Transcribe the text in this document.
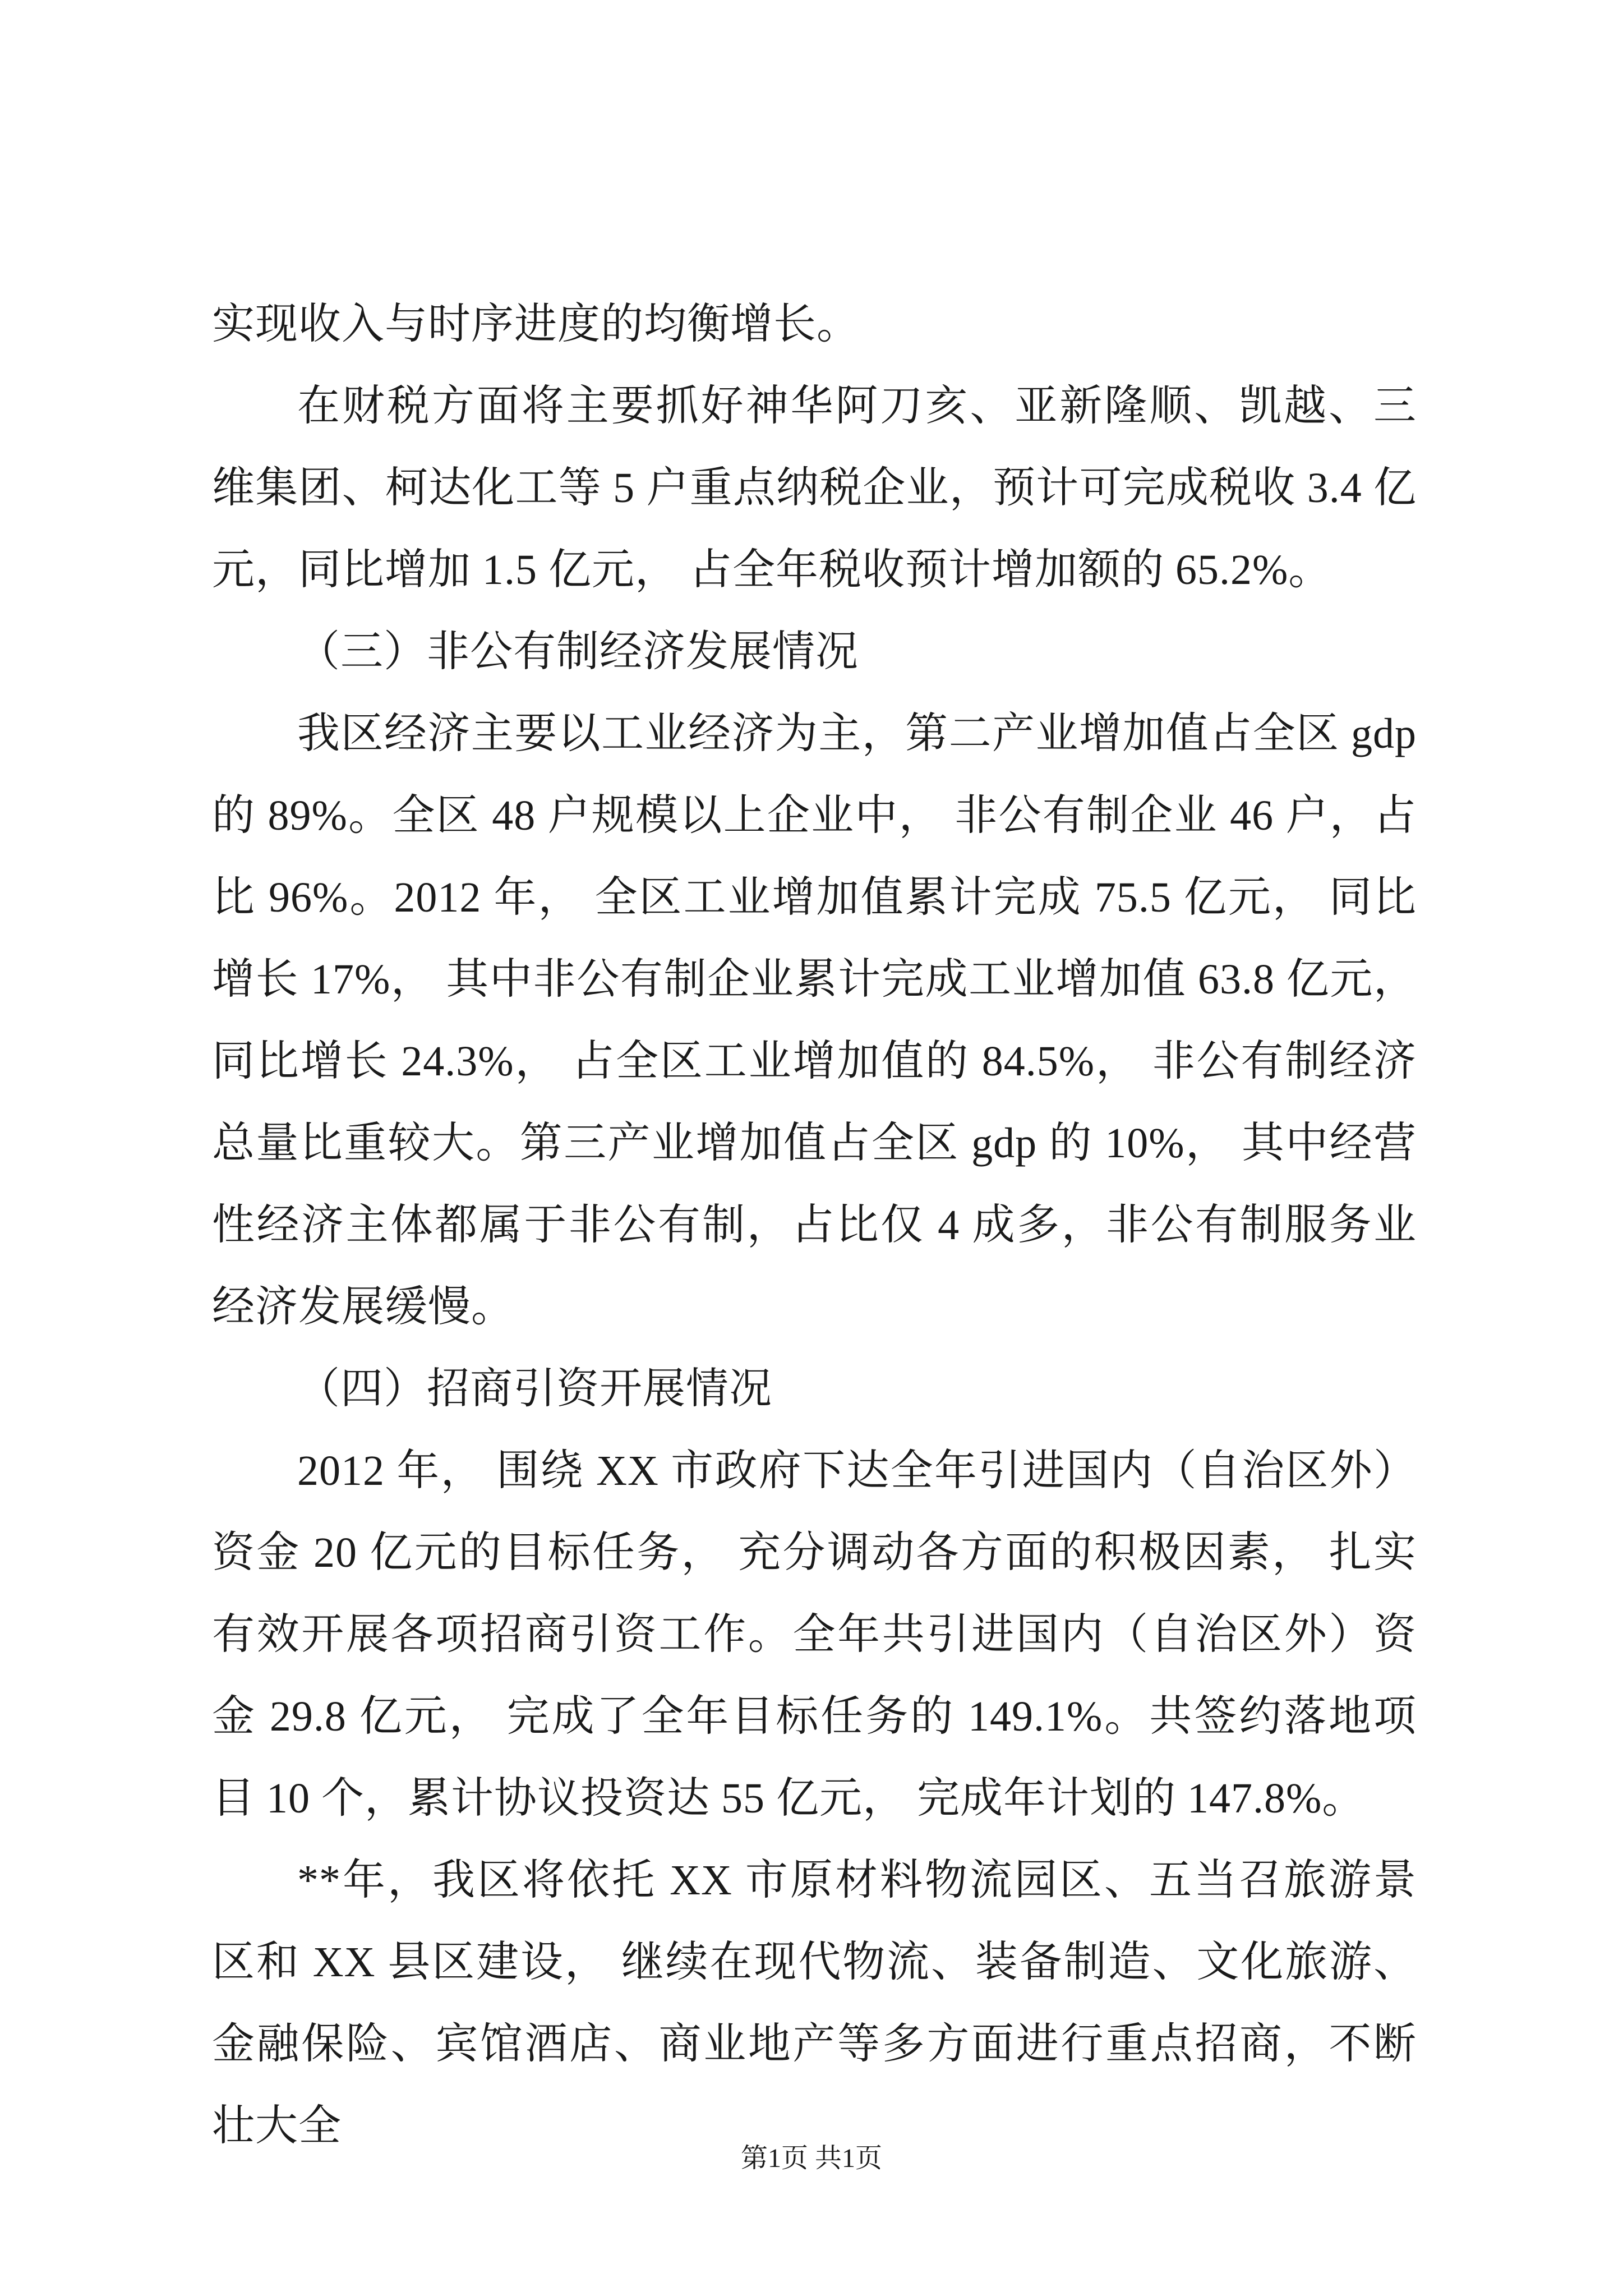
实现收入与时序进度的均衡增长。

在财税方面将主要抓好神华阿刀亥、亚新隆顺、凯越、三维集团、柯达化工等 5 户重点纳税企业，预计可完成税收 3.4 亿元，同比增加 1.5 亿元， 占全年税收预计增加额的 65.2%。

（三）非公有制经济发展情况

我区经济主要以工业经济为主，第二产业增加值占全区 gdp 的 89%。全区 48 户规模以上企业中， 非公有制企业 46 户，占比 96%。2012 年， 全区工业增加值累计完成 75.5 亿元， 同比增长 17%， 其中非公有制企业累计完成工业增加值 63.8 亿元，同比增长 24.3%， 占全区工业增加值的 84.5%， 非公有制经济总量比重较大。第三产业增加值占全区 gdp 的 10%， 其中经营性经济主体都属于非公有制，占比仅 4 成多，非公有制服务业经济发展缓慢。

（四）招商引资开展情况

2012 年， 围绕 XX 市政府下达全年引进国内（自治区外）资金 20 亿元的目标任务， 充分调动各方面的积极因素， 扎实有效开展各项招商引资工作。全年共引进国内（自治区外）资金 29.8 亿元， 完成了全年目标任务的 149.1%。共签约落地项目 10 个，累计协议投资达 55 亿元， 完成年计划的 147.8%。

**年，我区将依托 XX 市原材料物流园区、五当召旅游景区和 XX 县区建设， 继续在现代物流、装备制造、文化旅游、金融保险、宾馆酒店、商业地产等多方面进行重点招商，不断壮大全

第1页 共1页
